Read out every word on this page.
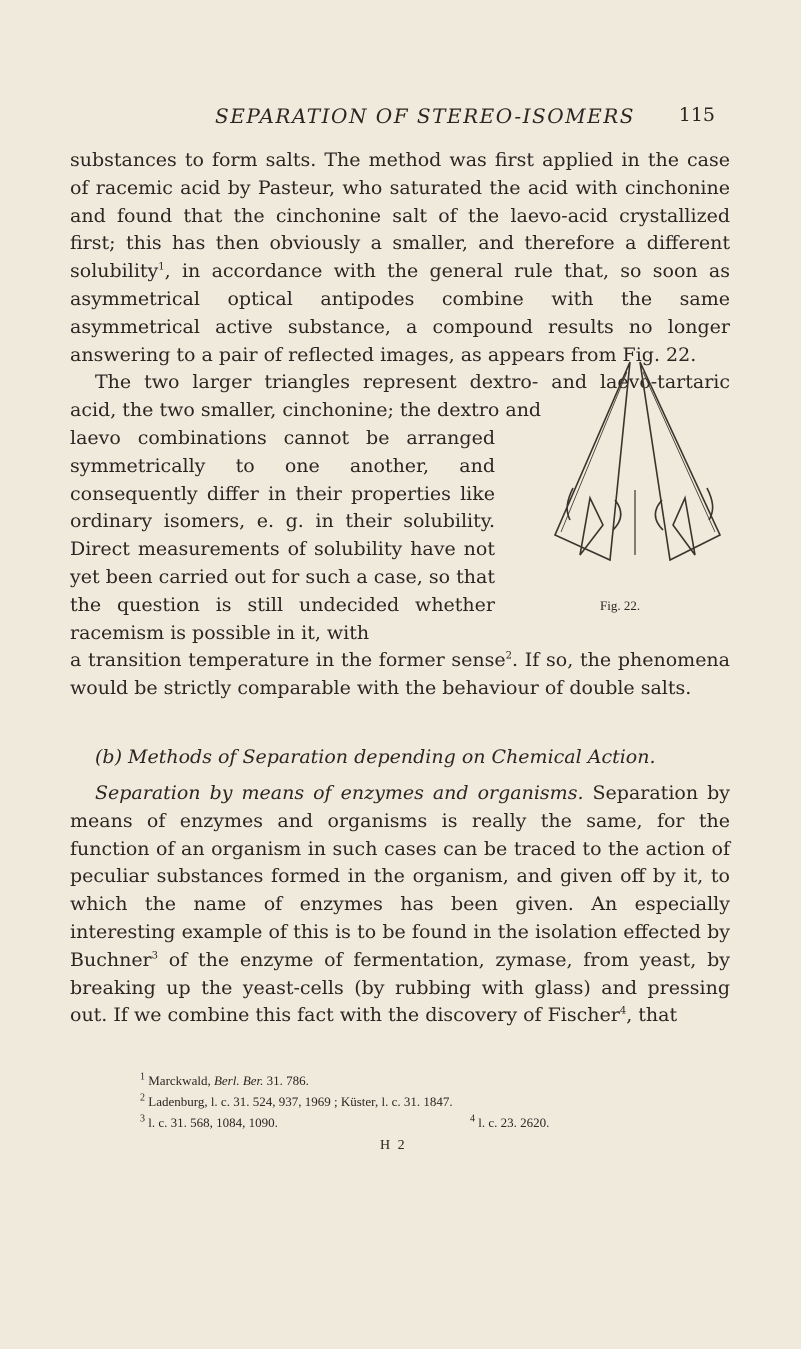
SEPARATION OF STEREO-ISOMERS	115

substances to form salts. The method was first applied in the case of racemic acid by Pasteur, who saturated the acid with cinchonine and found that the cinchonine salt of the laevo-acid crystallized first; this has then obviously a smaller, and therefore a different solubility$^1$, in accordance with the general rule that, so soon as asymmetrical optical antipodes combine with the same asymmetrical active substance, a compound results no longer answering to a pair of reflected images, as appears from Fig. 22.

The two larger triangles represent dextro- and laevo-tartaric acid, the two smaller, cinchonine; the dextro and

laevo combinations cannot be arranged symmetrically to one another, and consequently differ in their properties like ordinary isomers, e. g. in their solubility. Direct measurements of solubility have not yet been carried out for such a case, so that the question is still undecided whether racemism is possible in it, with

a transition temperature in the former sense$^2$. If so, the phenomena would be strictly comparable with the behaviour of double salts.

Fig. 22.
(b) Methods of Separation depending on Chemical Action.

Separation by means of enzymes and organisms. Separation by means of enzymes and organisms is really the same, for the function of an organism in such cases can be traced to the action of peculiar substances formed in the organism, and given off by it, to which the name of enzymes has been given. An especially interesting example of this is to be found in the isolation effected by Buchner$^3$ of the enzyme of fermentation, zymase, from yeast, by breaking up the yeast-cells (by rubbing with glass) and pressing out. If we combine this fact with the discovery of Fischer$^4$, that

$^1$ Marckwald, Berl. Ber. 31. 786.
$^2$ Ladenburg, l. c. 31. 524, 937, 1969 ; Küster, l. c. 31. 1847.
$^3$ l. c. 31. 568, 1084, 1090.	$^4$ l. c. 23. 2620.
H 2
